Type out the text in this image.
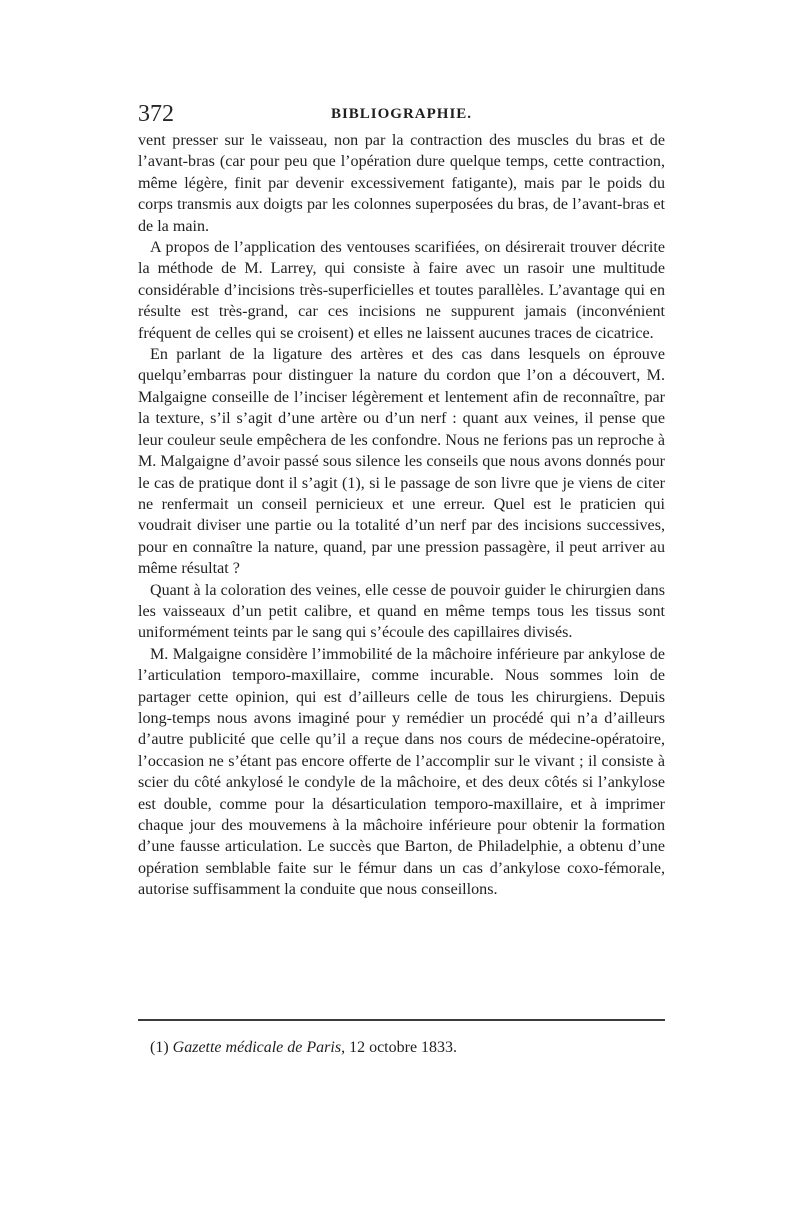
372	BIBLIOGRAPHIE.

vent presser sur le vaisseau, non par la contraction des muscles du bras et de l’avant-bras (car pour peu que l’opération dure quelque temps, cette contraction, même légère, finit par devenir excessivement fatigante), mais par le poids du corps transmis aux doigts par les colonnes superposées du bras, de l’avant-bras et de la main.

A propos de l’application des ventouses scarifiées, on désirerait trouver décrite la méthode de M. Larrey, qui consiste à faire avec un rasoir une multitude considérable d’incisions très-superficielles et toutes parallèles. L’avantage qui en résulte est très-grand, car ces incisions ne suppurent jamais (inconvénient fréquent de celles qui se croisent) et elles ne laissent aucunes traces de cicatrice.

En parlant de la ligature des artères et des cas dans lesquels on éprouve quelqu’embarras pour distinguer la nature du cordon que l’on a découvert, M. Malgaigne conseille de l’inciser légèrement et lentement afin de reconnaître, par la texture, s’il s’agit d’une artère ou d’un nerf : quant aux veines, il pense que leur couleur seule empêchera de les confondre. Nous ne ferions pas un reproche à M. Malgaigne d’avoir passé sous silence les conseils que nous avons donnés pour le cas de pratique dont il s’agit (1), si le passage de son livre que je viens de citer ne renfermait un conseil pernicieux et une erreur. Quel est le praticien qui voudrait diviser une partie ou la totalité d’un nerf par des incisions successives, pour en connaître la nature, quand, par une pression passagère, il peut arriver au même résultat ?

Quant à la coloration des veines, elle cesse de pouvoir guider le chirurgien dans les vaisseaux d’un petit calibre, et quand en même temps tous les tissus sont uniformément teints par le sang qui s’écoule des capillaires divisés.

M. Malgaigne considère l’immobilité de la mâchoire inférieure par ankylose de l’articulation temporo-maxillaire, comme incurable. Nous sommes loin de partager cette opinion, qui est d’ailleurs celle de tous les chirurgiens. Depuis long-temps nous avons imaginé pour y remédier un procédé qui n’a d’ailleurs d’autre publicité que celle qu’il a reçue dans nos cours de médecine-opératoire, l’occasion ne s’étant pas encore offerte de l’accomplir sur le vivant ; il consiste à scier du côté ankylosé le condyle de la mâchoire, et des deux côtés si l’ankylose est double, comme pour la désarticulation temporo-maxillaire, et à imprimer chaque jour des mouvemens à la mâchoire inférieure pour obtenir la formation d’une fausse articulation. Le succès que Barton, de Philadelphie, a obtenu d’une opération semblable faite sur le fémur dans un cas d’ankylose coxo-fémorale, autorise suffisamment la conduite que nous conseillons.

(1) Gazette médicale de Paris, 12 octobre 1833.
